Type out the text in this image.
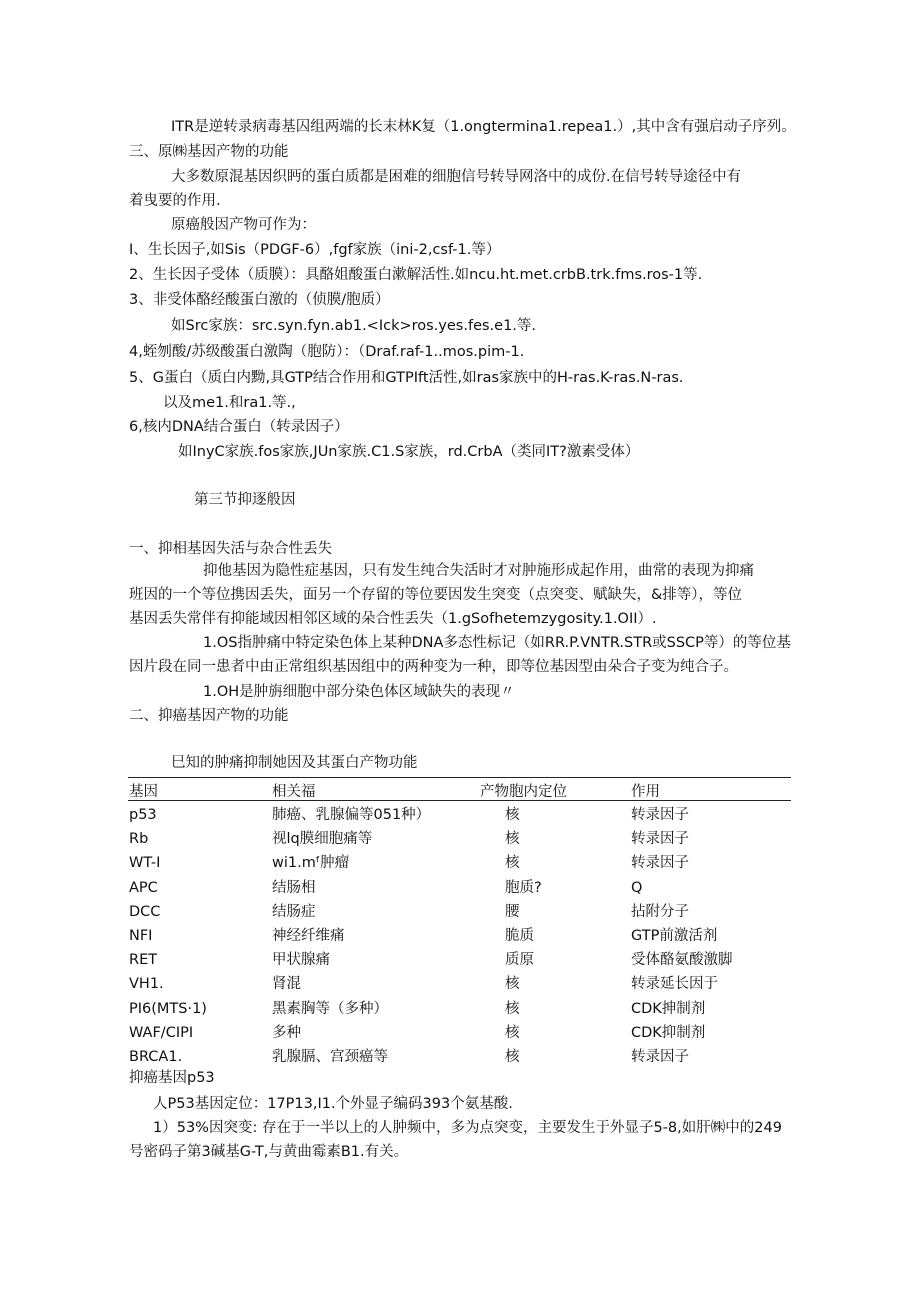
ITR是逆转录病毒基囚组两端的长末林K复（1.ongtermina1.repea1.）,其中含有强启动子序列。
三、原㈱基因产物的功能
大多数原混基因织眄的蛋白质都是困难的细胞信号转导网洛中的成份.在信号转导途径中有
着曳要的作用.
原癌般因产物可作为：
I、生长因子,如Sis（PDGF-6）,fgf家族（ini-2,csf-1.等）
2、生长因子受体（质膜）：具酪姐酸蛋白漱解活性.如ncu.ht.met.crbB.trk.fms.ros-1等.
3、非受体酪经酸蛋白激的（侦膜/胞质）
如Src家族：src.syn.fyn.ab1.<Ick>ros.yes.fes.e1.等.
4,蛭刎酸/苏级酸蛋白激陶（胞防）：（Draf.raf-1..mos.pim-1.
5、G蛋白（质白内黝,具GTP结合作用和GTPIft活性,如ras家族中的H-ras.K-ras.N-ras.
以及me1.和ra1.等.,
6,核内DNA结合蛋白（转录因子）
如InyC家族.fos家族,JUn家族.C1.S家族，rd.CrbA（类同IT?激素受体）
第三节抑逐般因
一、抑相基因失活与杂合性丢失
抑他基因为隐性症基因，只有发生纯合失活时才对肿施形成起作用，曲常的表现为抑痛
班因的一个等位携因丢失，面另一个存留的等位要因发生突变（点突变、赋缺失，&排等），等位
基因丢失常伴有抑能域因相邻区域的朵合性丢失（1.gSofhetemzygosity.1.OII）.
1.OS指肿痛中特定染色体上某种DNA多态性标记（如RR.P.VNTR.STR或SSCP等）的等位基
因片段在同一患者中由正常组织基因组中的两种变为一种，即等位基因型由朵合子变为纯合子。
1.OH是肿旃细胞中部分染色体区域缺失的表现〃
二、抑癌基因产物的功能
巳知的肿痛抑制她因及其蛋白产物功能
基因	相关福	产物胞内定位	作用
p53	肺癌、乳腺偏等051种）	核	转录因子
Rb	视lq膜细胞痛等	核	转录因子
WT-I	wi1.mᶠ肿瘤	核	转录因子
APC	结肠相	胞质?	Q
DCC	结肠症	腰	拈附分子
NFI	神经纤维痛	脆质	GTP前激活剂
RET	甲状腺痛	质原	受体酪氨酸激脚
VH1.	肾混	核	转录延长因于
PI6(MTS·1)	黑素胸等（多种）	核	CDK抻制剂
WAF/CIPI	多种	核	CDK抑制剂
BRCA1.	乳腺膈、宫颈癌等	核	转录因子
抑癌基因p53
人P53基因定位：17P13,I1.个外显子编码393个氨基酸.
1）53%因突变: 存在于一半以上的人肿频中，多为点突变，主要发生于外显子5-8,如肝㈱中的249
号密码子第3碱基G-T,与黄曲霉素B1.有关。
